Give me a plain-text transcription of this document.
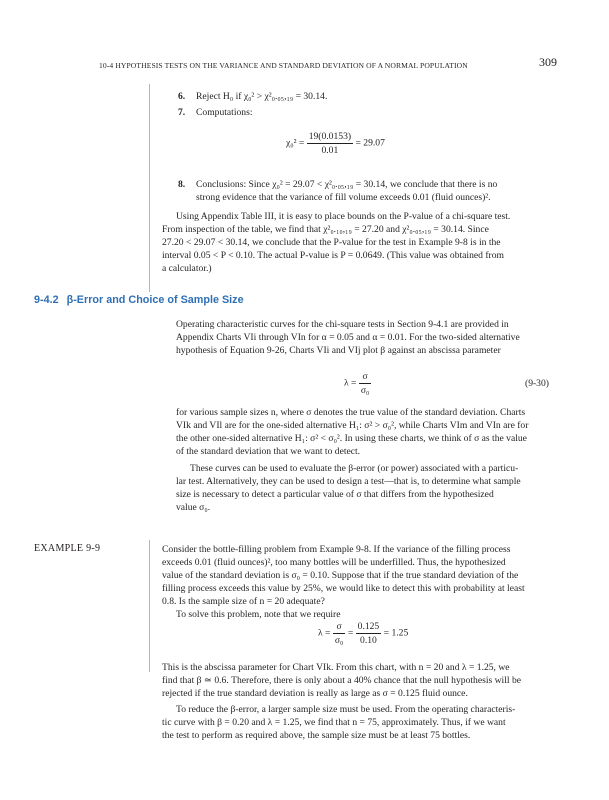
10-4 HYPOTHESIS TESTS ON THE VARIANCE AND STANDARD DEVIATION OF A NORMAL POPULATION	309
6. Reject H₀ if χ₀² > χ²₀.₀₅,₁₉ = 30.14.
7. Computations:
$\chi_0^2 = \frac{19(0.0153)}{0.01} = 29.07$
8. Conclusions: Since χ₀² = 29.07 < χ²₀.₀₅,₁₉ = 30.14, we conclude that there is no
strong evidence that the variance of fill volume exceeds 0.01 (fluid ounces)².
Using Appendix Table III, it is easy to place bounds on the P-value of a chi-square test.
From inspection of the table, we find that χ²₀.₁₀,₁₉ = 27.20 and χ²₀.₀₅,₁₉ = 30.14. Since
27.20 < 29.07 < 30.14, we conclude that the P-value for the test in Example 9-8 is in the
interval 0.05 < P < 0.10. The actual P-value is P = 0.0649. (This value was obtained from
a calculator.)
9-4.2 β-Error and Choice of Sample Size
Operating characteristic curves for the chi-square tests in Section 9-4.1 are provided in
Appendix Charts VIi through VIn for α = 0.05 and α = 0.01. For the two-sided alternative
hypothesis of Equation 9-26, Charts VIi and VIj plot β against an abscissa parameter
$\lambda = \frac{\sigma}{\text{σ₀}}$	(9-30)
for various sample sizes n, where σ denotes the true value of the standard deviation. Charts
VIk and VIl are for the one-sided alternative H₁: σ² > σ₀², while Charts VIm and VIn are for
the other one-sided alternative H₁: σ² < σ₀². In using these charts, we think of σ as the value
of the standard deviation that we want to detect.
These curves can be used to evaluate the β-error (or power) associated with a particu-
lar test. Alternatively, they can be used to design a test—that is, to determine what sample
size is necessary to detect a particular value of σ that differs from the hypothesized
value σ₀.
EXAMPLE 9-9	Consider the bottle-filling problem from Example 9-8. If the variance of the filling process
exceeds 0.01 (fluid ounces)², too many bottles will be underfilled. Thus, the hypothesized
value of the standard deviation is σ₀ = 0.10. Suppose that if the true standard deviation of the
filling process exceeds this value by 25%, we would like to detect this with probability at least
0.8. Is the sample size of n = 20 adequate?
To solve this problem, note that we require
$\lambda = \frac{\sigma}{\text{σ₀}} = \frac{0.125}{0.10} = 1.25$
This is the abscissa parameter for Chart VIk. From this chart, with n = 20 and λ = 1.25, we
find that β ≃ 0.6. Therefore, there is only about a 40% chance that the null hypothesis will be
rejected if the true standard deviation is really as large as σ = 0.125 fluid ounce.
To reduce the β-error, a larger sample size must be used. From the operating characteris-
tic curve with β = 0.20 and λ = 1.25, we find that n = 75, approximately. Thus, if we want
the test to perform as required above, the sample size must be at least 75 bottles.
